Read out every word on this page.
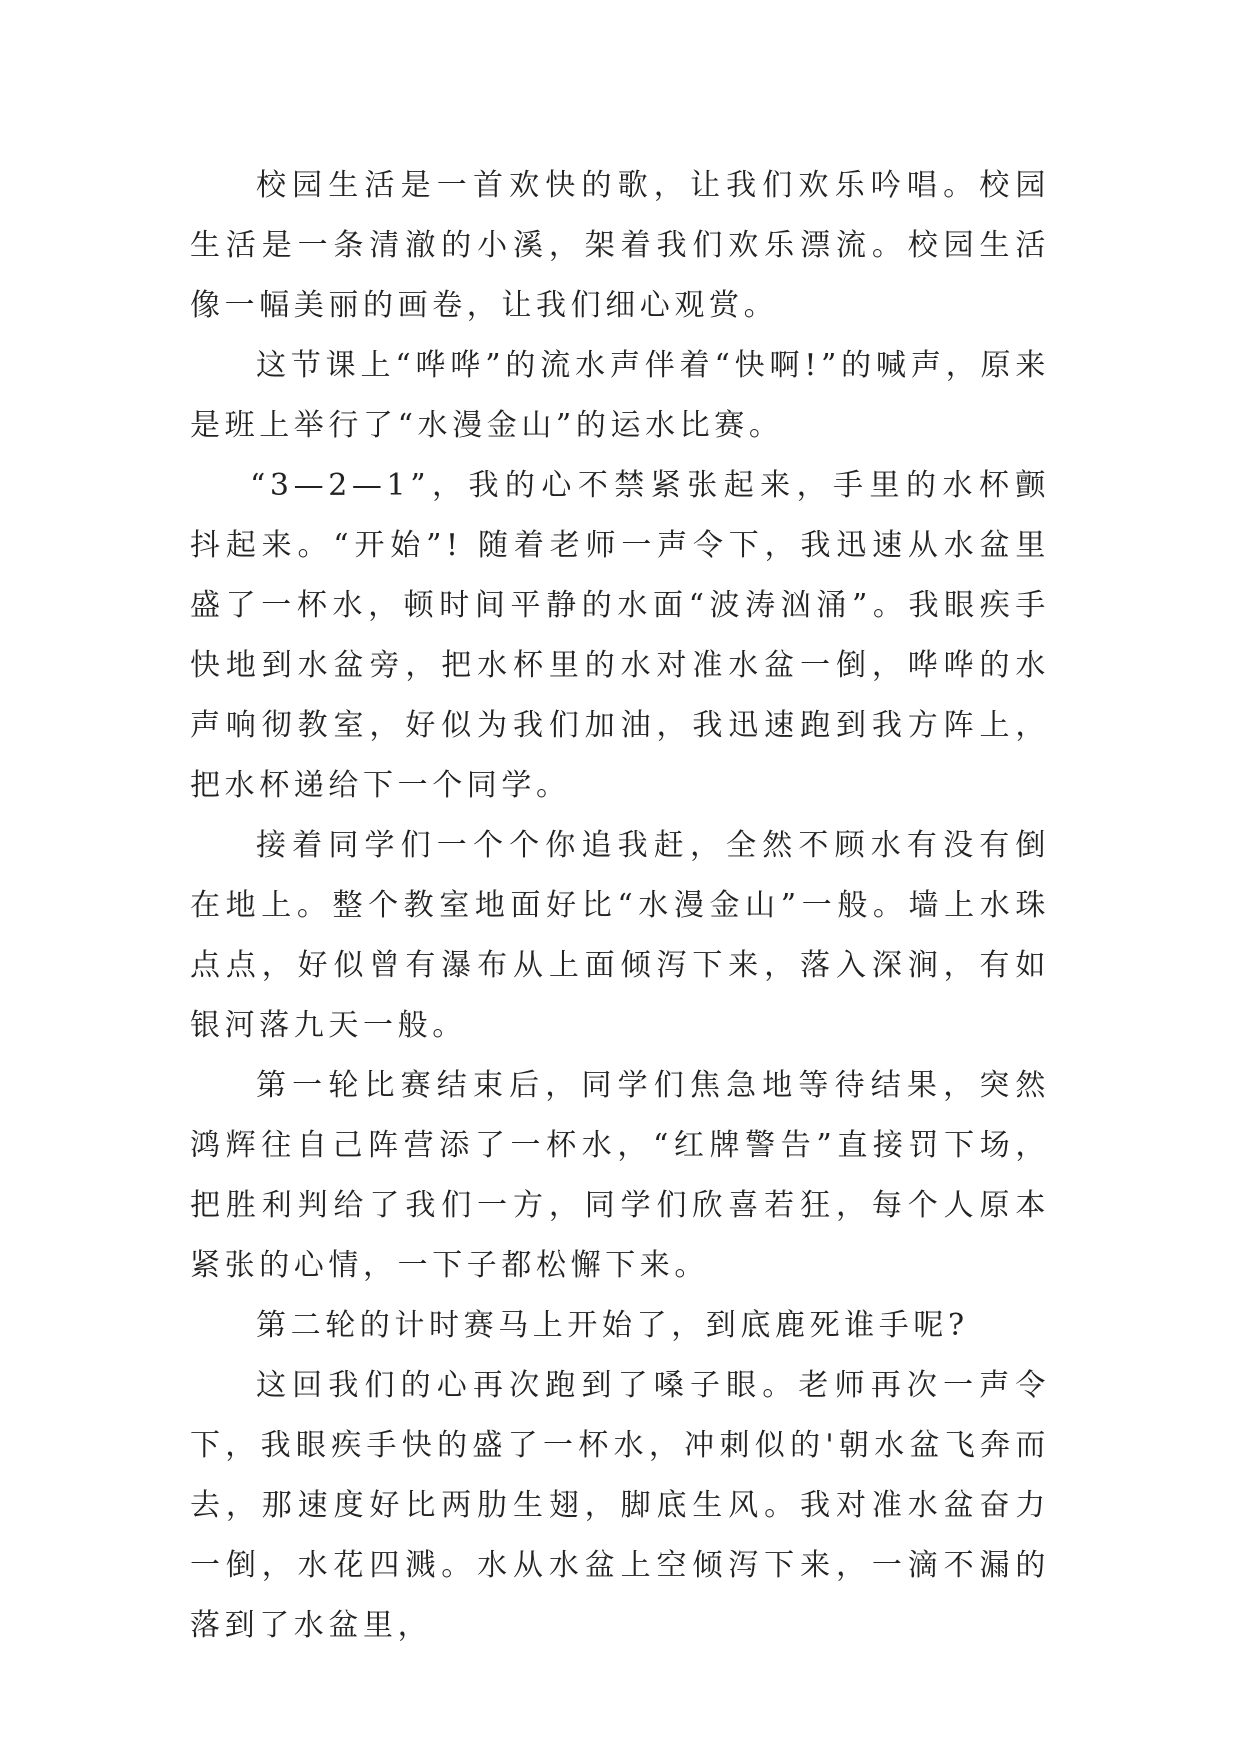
校园生活是一首欢快的歌，让我们欢乐吟唱。校园生活是一条清澈的小溪，架着我们欢乐漂流。校园生活像一幅美丽的画卷，让我们细心观赏。

这节课上“哗哗”的流水声伴着“快啊!”的喊声，原来是班上举行了“水漫金山”的运水比赛。

“3—2—1”，我的心不禁紧张起来，手里的水杯颤抖起来。“开始”! 随着老师一声令下，我迅速从水盆里盛了一杯水，顿时间平静的水面“波涛汹涌”。我眼疾手快地到水盆旁，把水杯里的水对准水盆一倒，哗哗的水声响彻教室，好似为我们加油，我迅速跑到我方阵上，把水杯递给下一个同学。

接着同学们一个个你追我赶，全然不顾水有没有倒在地上。整个教室地面好比“水漫金山”一般。墙上水珠点点，好似曾有瀑布从上面倾泻下来，落入深涧，有如银河落九天一般。

第一轮比赛结束后，同学们焦急地等待结果，突然鸿辉往自己阵营添了一杯水，“红牌警告”直接罚下场，把胜利判给了我们一方，同学们欣喜若狂，每个人原本紧张的心情，一下子都松懈下来。

第二轮的计时赛马上开始了，到底鹿死谁手呢?

这回我们的心再次跑到了嗓子眼。老师再次一声令下，我眼疾手快的盛了一杯水，冲刺似的'朝水盆飞奔而去，那速度好比两肋生翅，脚底生风。我对准水盆奋力一倒，水花四溅。水从水盆上空倾泻下来，一滴不漏的落到了水盆里，
